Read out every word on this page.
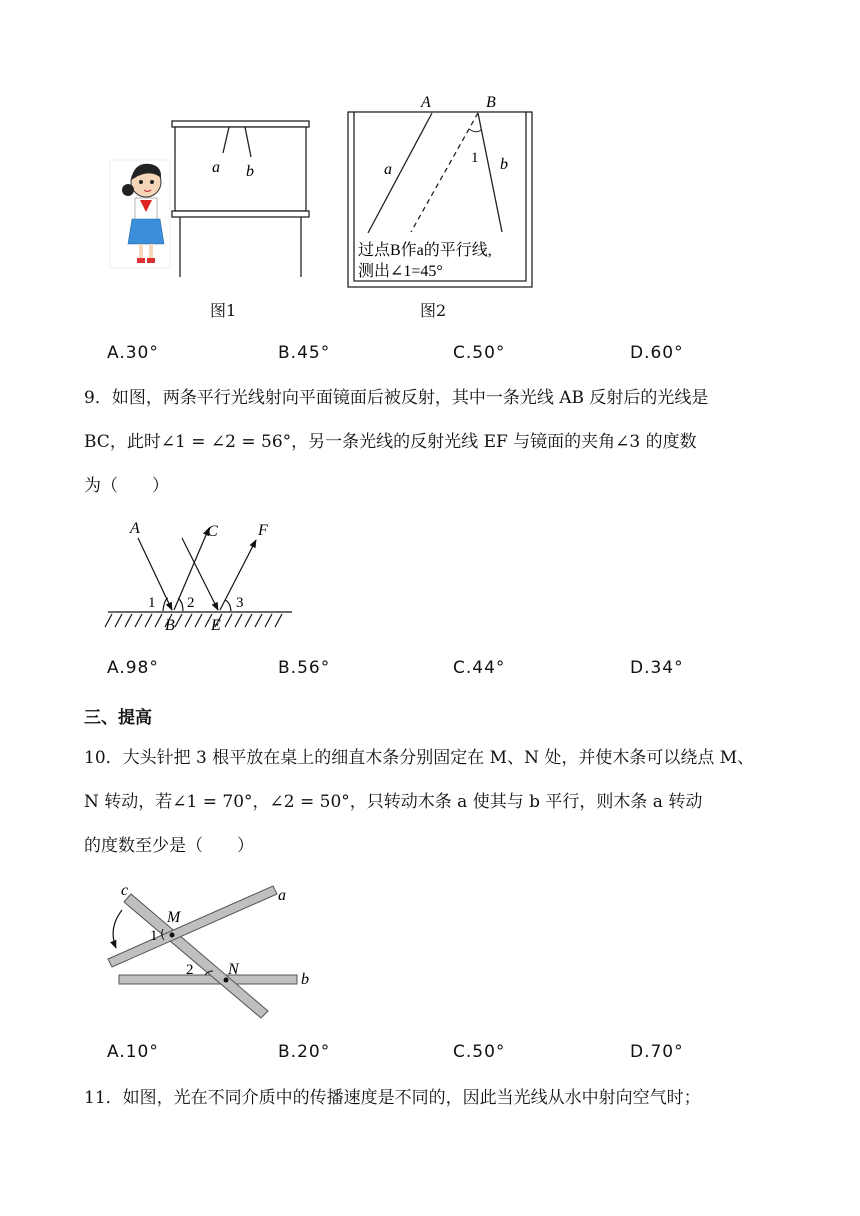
a b
A	B
a	b
1
过点B作a的平行线,
测出∠1=45°
图1	图2
A.30°	B.45°	C.50°	D.60°
9．如图，两条平行光线射向平面镜面后被反射，其中一条光线 AB 反射后的光线是
BC，此时∠1 = ∠2 = 56°，另一条光线的反射光线 EF 与镜面的夹角∠3 的度数
为（　　）
A	C	F
B E
1 2	3
A.98°	B.56°	C.44°	D.34°
三、提高
10．大头针把 3 根平放在桌上的细直木条分别固定在 M、N 处，并使木条可以绕点 M、
N 转动，若∠1 = 70°，∠2 = 50°，只转动木条 a 使其与 b 平行，则木条 a 转动
的度数至少是（　　）
c	a
M
N
b
1
2
A.10°	B.20°	C.50°	D.70°
11．如图，光在不同介质中的传播速度是不同的，因此当光线从水中射向空气时；
